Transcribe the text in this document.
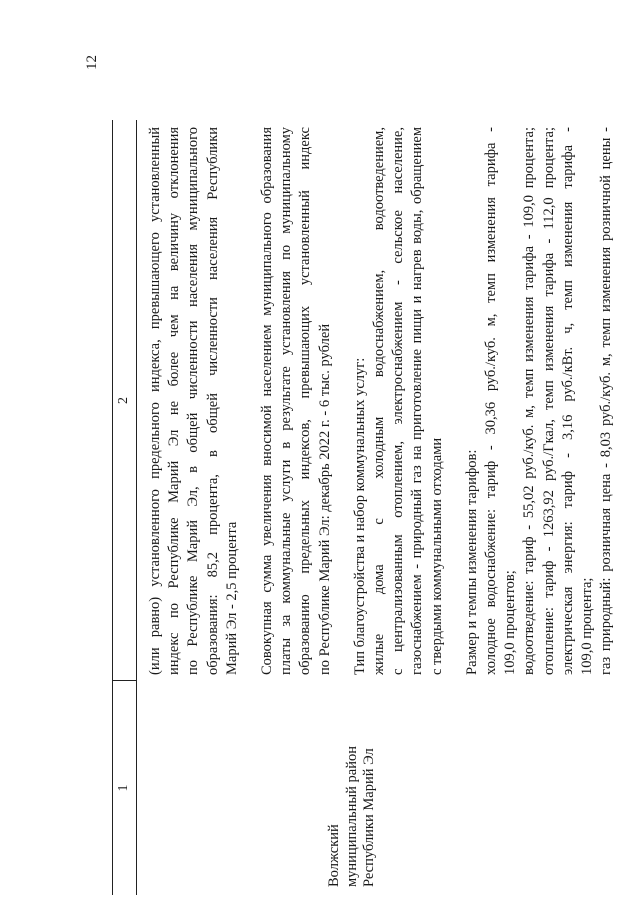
12
1
2
Волжский муниципальный район Республики Марий Эл

(или равно) установленного предельного индекса, превышающего установленный индекс по Республике Марий Эл не более чем на величину отклонения по Республике Марий Эл, в общей численности населения муниципального образования: 85,2 процента, в общей численности населения Республики Марий Эл - 2,5 процента Совокупная сумма увеличения вносимой населением муниципального образования платы за коммунальные услуги в результате установления по муниципальному образованию предельных индексов, превышающих установленный индекс по Республике Марий Эл: декабрь 2022 г. - 6 тыс. рублей Тип благоустройства и набор коммунальных услуг: жилые дома с холодным водоснабжением, водоотведением, с централизованным отоплением, электроснабжением - сельское население, газоснабжением - природный газ на приготовление пищи и нагрев воды, обращением с твердыми коммунальными отходами Размер и темпы изменения тарифов: холодное водоснабжение: тариф - 30,36 руб./куб. м, темп изменения тарифа - 109,0 процентов; водоотведение: тариф - 55,02 руб./куб. м, темп изменения тарифа - 109,0 процента; отопление: тариф - 1263,92 руб./Гкал, темп изменения тарифа - 112,0 процента; электрическая энергия: тариф - 3,16 руб./кВт. ч, темп изменения тарифа - 109,0 процента; газ природный: розничная цена - 8,03 руб./куб. м, темп изменения розничной цены -
